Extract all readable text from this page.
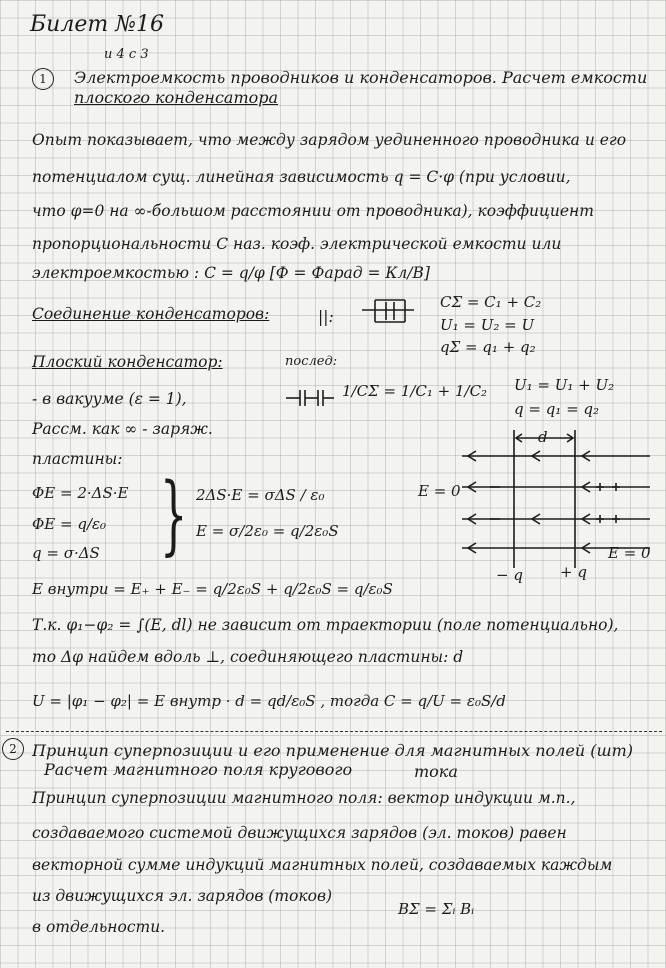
Билет №16
и 4 с 3
1	Электроемкость проводников и конденсаторов. Расчет емкости
плоского конденсатора
Опыт показывает, что между зарядом уединенного проводника и его
потенциалом сущ. линейная зависимость q = C·φ (при условии,
что φ=0 на ∞-большом расстоянии от проводника), коэффициент
пропорциональности C наз. коэф. электрической емкости или
электроемкостью : C = q/φ [Ф = Фарад = Кл/В]
Соединение конденсаторов:	||:
CΣ = C₁ + C₂
U₁ = U₂ = U
qΣ = q₁ + q₂
Плоский конденсатор:	послед:
1/CΣ = 1/C₁ + 1/C₂ U₁ = U₁ + U₂
q = q₁ = q₂
- в вакууме (ε = 1),
Рассм. как ∞ - заряж.
пластины:
ΦE = 2·ΔS·E
ΦE = q/ε₀
q = σ·ΔS } 2ΔS·E = σΔS / ε₀
E = σ/2ε₀ = q/2ε₀S
E внутри = E₊ + E₋ = q/2ε₀S + q/2ε₀S = q/ε₀S
Т.к. φ₁−φ₂ = ∫(E, dl) не зависит от траектории (поле потенциально),
то Δφ найдем вдоль ⊥, соединяющего пластины: d
U = |φ₁ − φ₂| = E внутр · d = qd/ε₀S , тогда C = q/U = ε₀S/d
d
E = 0
E = 0
− q + q
2 Принцип суперпозиции и его применение для магнитных полей (шт)
Расчет магнитного поля кругового	тока
Принцип суперпозиции магнитного поля: вектор индукции м.п.,
создаваемого системой движущихся зарядов (эл. токов) равен
векторной сумме индукций магнитных полей, создаваемых каждым
из движущихся эл. зарядов (токов)
в отдельности.
BΣ = Σᵢ Bᵢ
